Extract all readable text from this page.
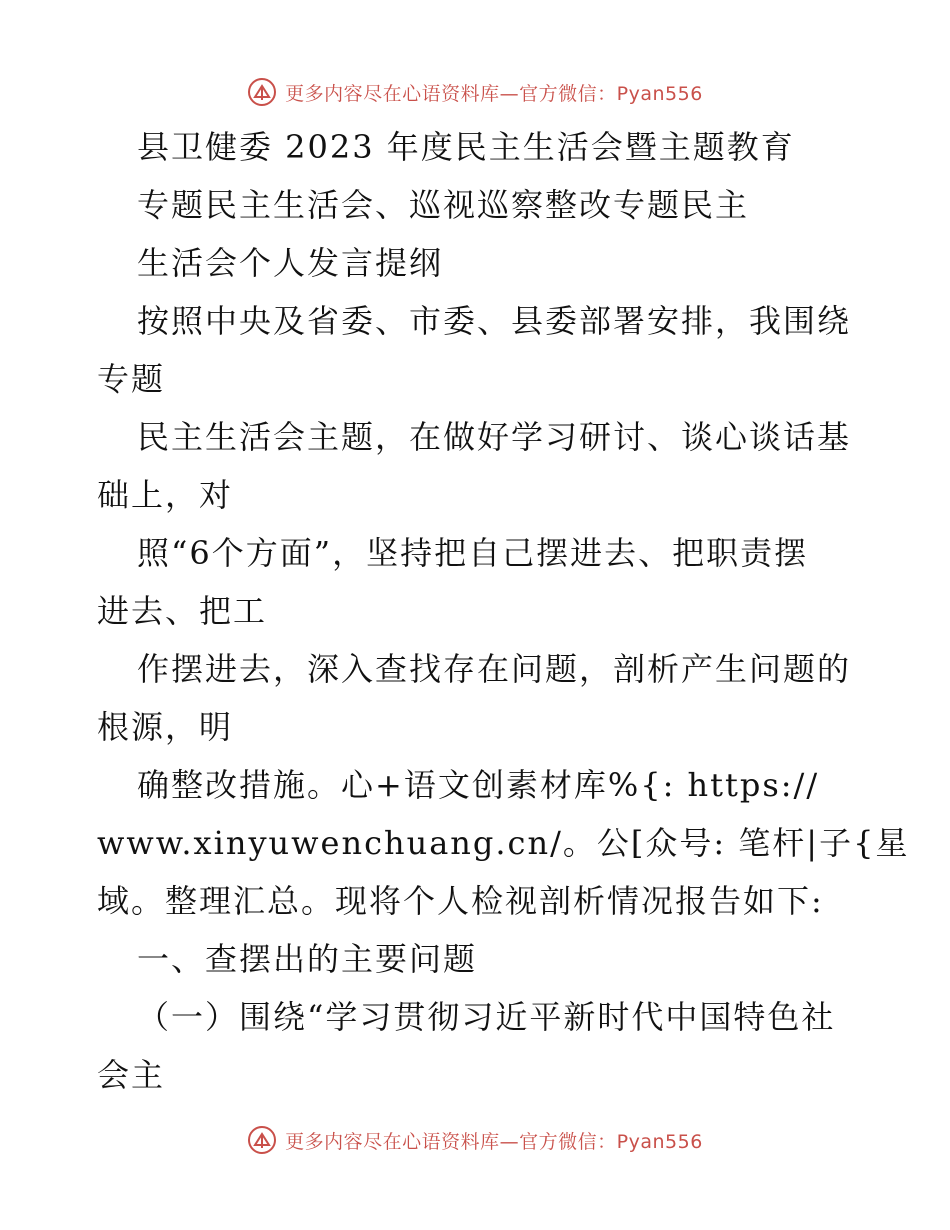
更多内容尽在心语资料库—官方微信：Pyan556
县卫健委 2023 年度民主生活会暨主题教育
专题民主生活会、巡视巡察整改专题民主
生活会个人发言提纲
按照中央及省委、市委、县委部署安排，我围绕
专题
民主生活会主题，在做好学习研讨、谈心谈话基
础上，对
照“6个方面”，坚持把自己摆进去、把职责摆
进去、把工
作摆进去，深入查找存在问题，剖析产生问题的
根源，明
确整改措施。心+语文创素材库%{: https://
www.xinyuwenchuang.cn/。公[众号: 笔杆|子{星
域。整理汇总。现将个人检视剖析情况报告如下:
一、查摆出的主要问题
（一）围绕“学习贯彻习近平新时代中国特色社
会主
更多内容尽在心语资料库—官方微信：Pyan556
